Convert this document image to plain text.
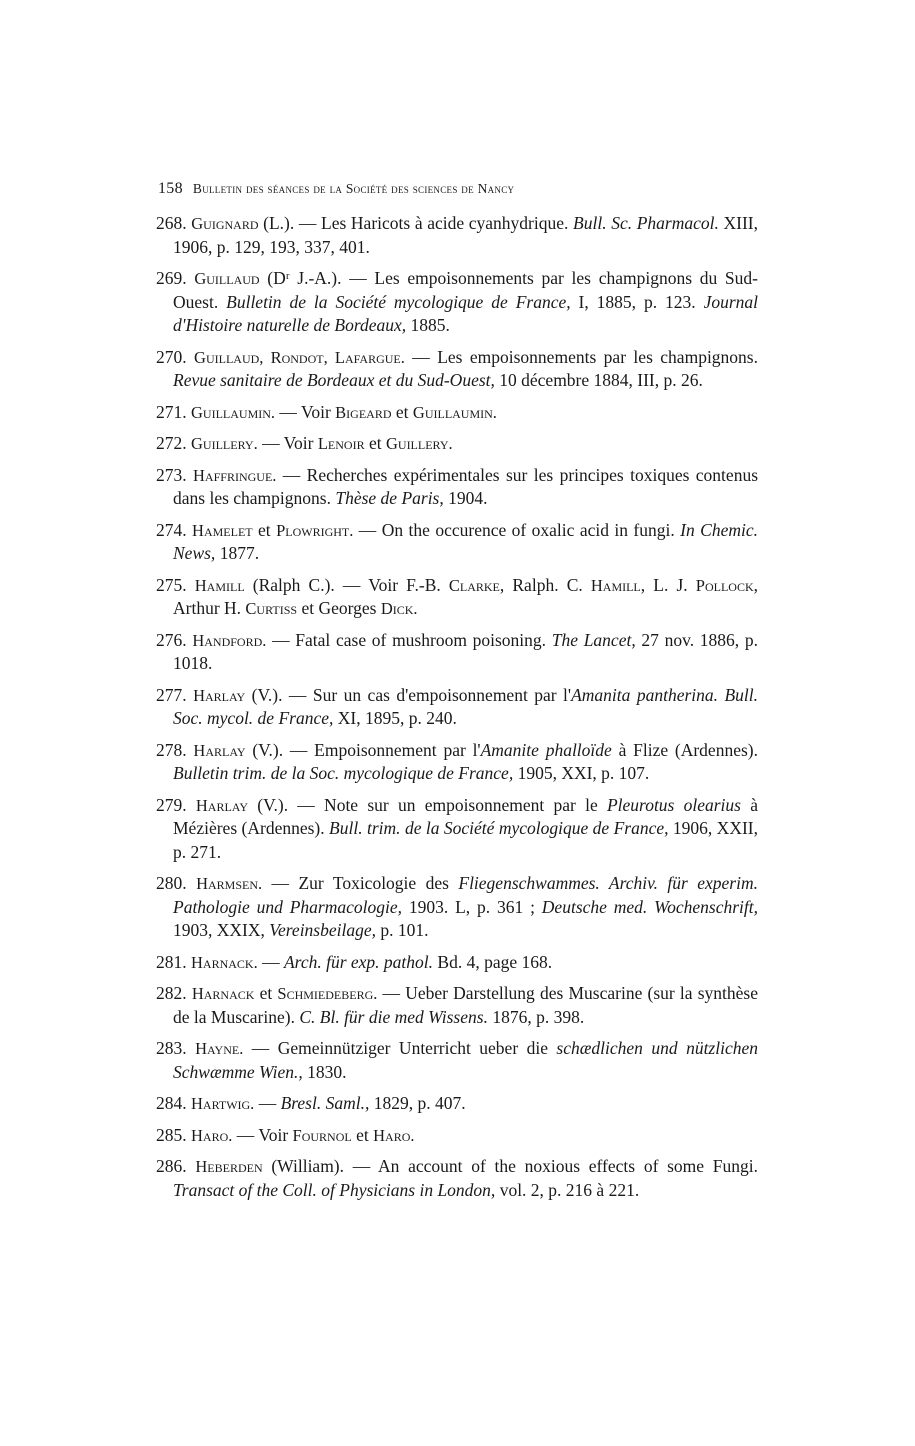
158 Bulletin des séances de la Société des sciences de Nancy
268. Guignard (L.). — Les Haricots à acide cyanhydrique. Bull. Sc. Pharmacol. XIII, 1906, p. 129, 193, 337, 401.
269. Guillaud (Dʳ J.-A.). — Les empoisonnements par les champignons du Sud-Ouest. Bulletin de la Société mycologique de France, I, 1885, p. 123. Journal d'Histoire naturelle de Bordeaux, 1885.
270. Guillaud, Rondot, Lafargue. — Les empoisonnements par les champignons. Revue sanitaire de Bordeaux et du Sud-Ouest, 10 décembre 1884, III, p. 26.
271. Guillaumin. — Voir Bigeard et Guillaumin.
272. Guillery. — Voir Lenoir et Guillery.
273. Haffringue. — Recherches expérimentales sur les principes toxiques contenus dans les champignons. Thèse de Paris, 1904.
274. Hamelet et Plowright. — On the occurence of oxalic acid in fungi. In Chemic. News, 1877.
275. Hamill (Ralph C.). — Voir F.-B. Clarke, Ralph. C. Hamill, L. J. Pollock, Arthur H. Curtiss et Georges Dick.
276. Handford. — Fatal case of mushroom poisoning. The Lancet, 27 nov. 1886, p. 1018.
277. Harlay (V.). — Sur un cas d'empoisonnement par l'Amanita pantherina. Bull. Soc. mycol. de France, XI, 1895, p. 240.
278. Harlay (V.). — Empoisonnement par l'Amanite phalloïde à Flize (Ardennes). Bulletin trim. de la Soc. mycologique de France, 1905, XXI, p. 107.
279. Harlay (V.). — Note sur un empoisonnement par le Pleurotus olearius à Mézières (Ardennes). Bull. trim. de la Société mycologique de France, 1906, XXII, p. 271.
280. Harmsen. — Zur Toxicologie des Fliegenschwammes. Archiv. für experim. Pathologie und Pharmacologie, 1903. L, p. 361 ; Deutsche med. Wochenschrift, 1903, XXIX, Vereinsbeilage, p. 101.
281. Harnack. — Arch. für exp. pathol. Bd. 4, page 168.
282. Harnack et Schmiedeberg. — Ueber Darstellung des Muscarine (sur la synthèse de la Muscarine). C. Bl. für die med Wissens. 1876, p. 398.
283. Hayne. — Gemeinnütziger Unterricht ueber die schædlichen und nützlichen Schwæmme Wien., 1830.
284. Hartwig. — Bresl. Saml., 1829, p. 407.
285. Haro. — Voir Fournol et Haro.
286. Heberden (William). — An account of the noxious effects of some Fungi. Transact of the Coll. of Physicians in London, vol. 2, p. 216 à 221.
